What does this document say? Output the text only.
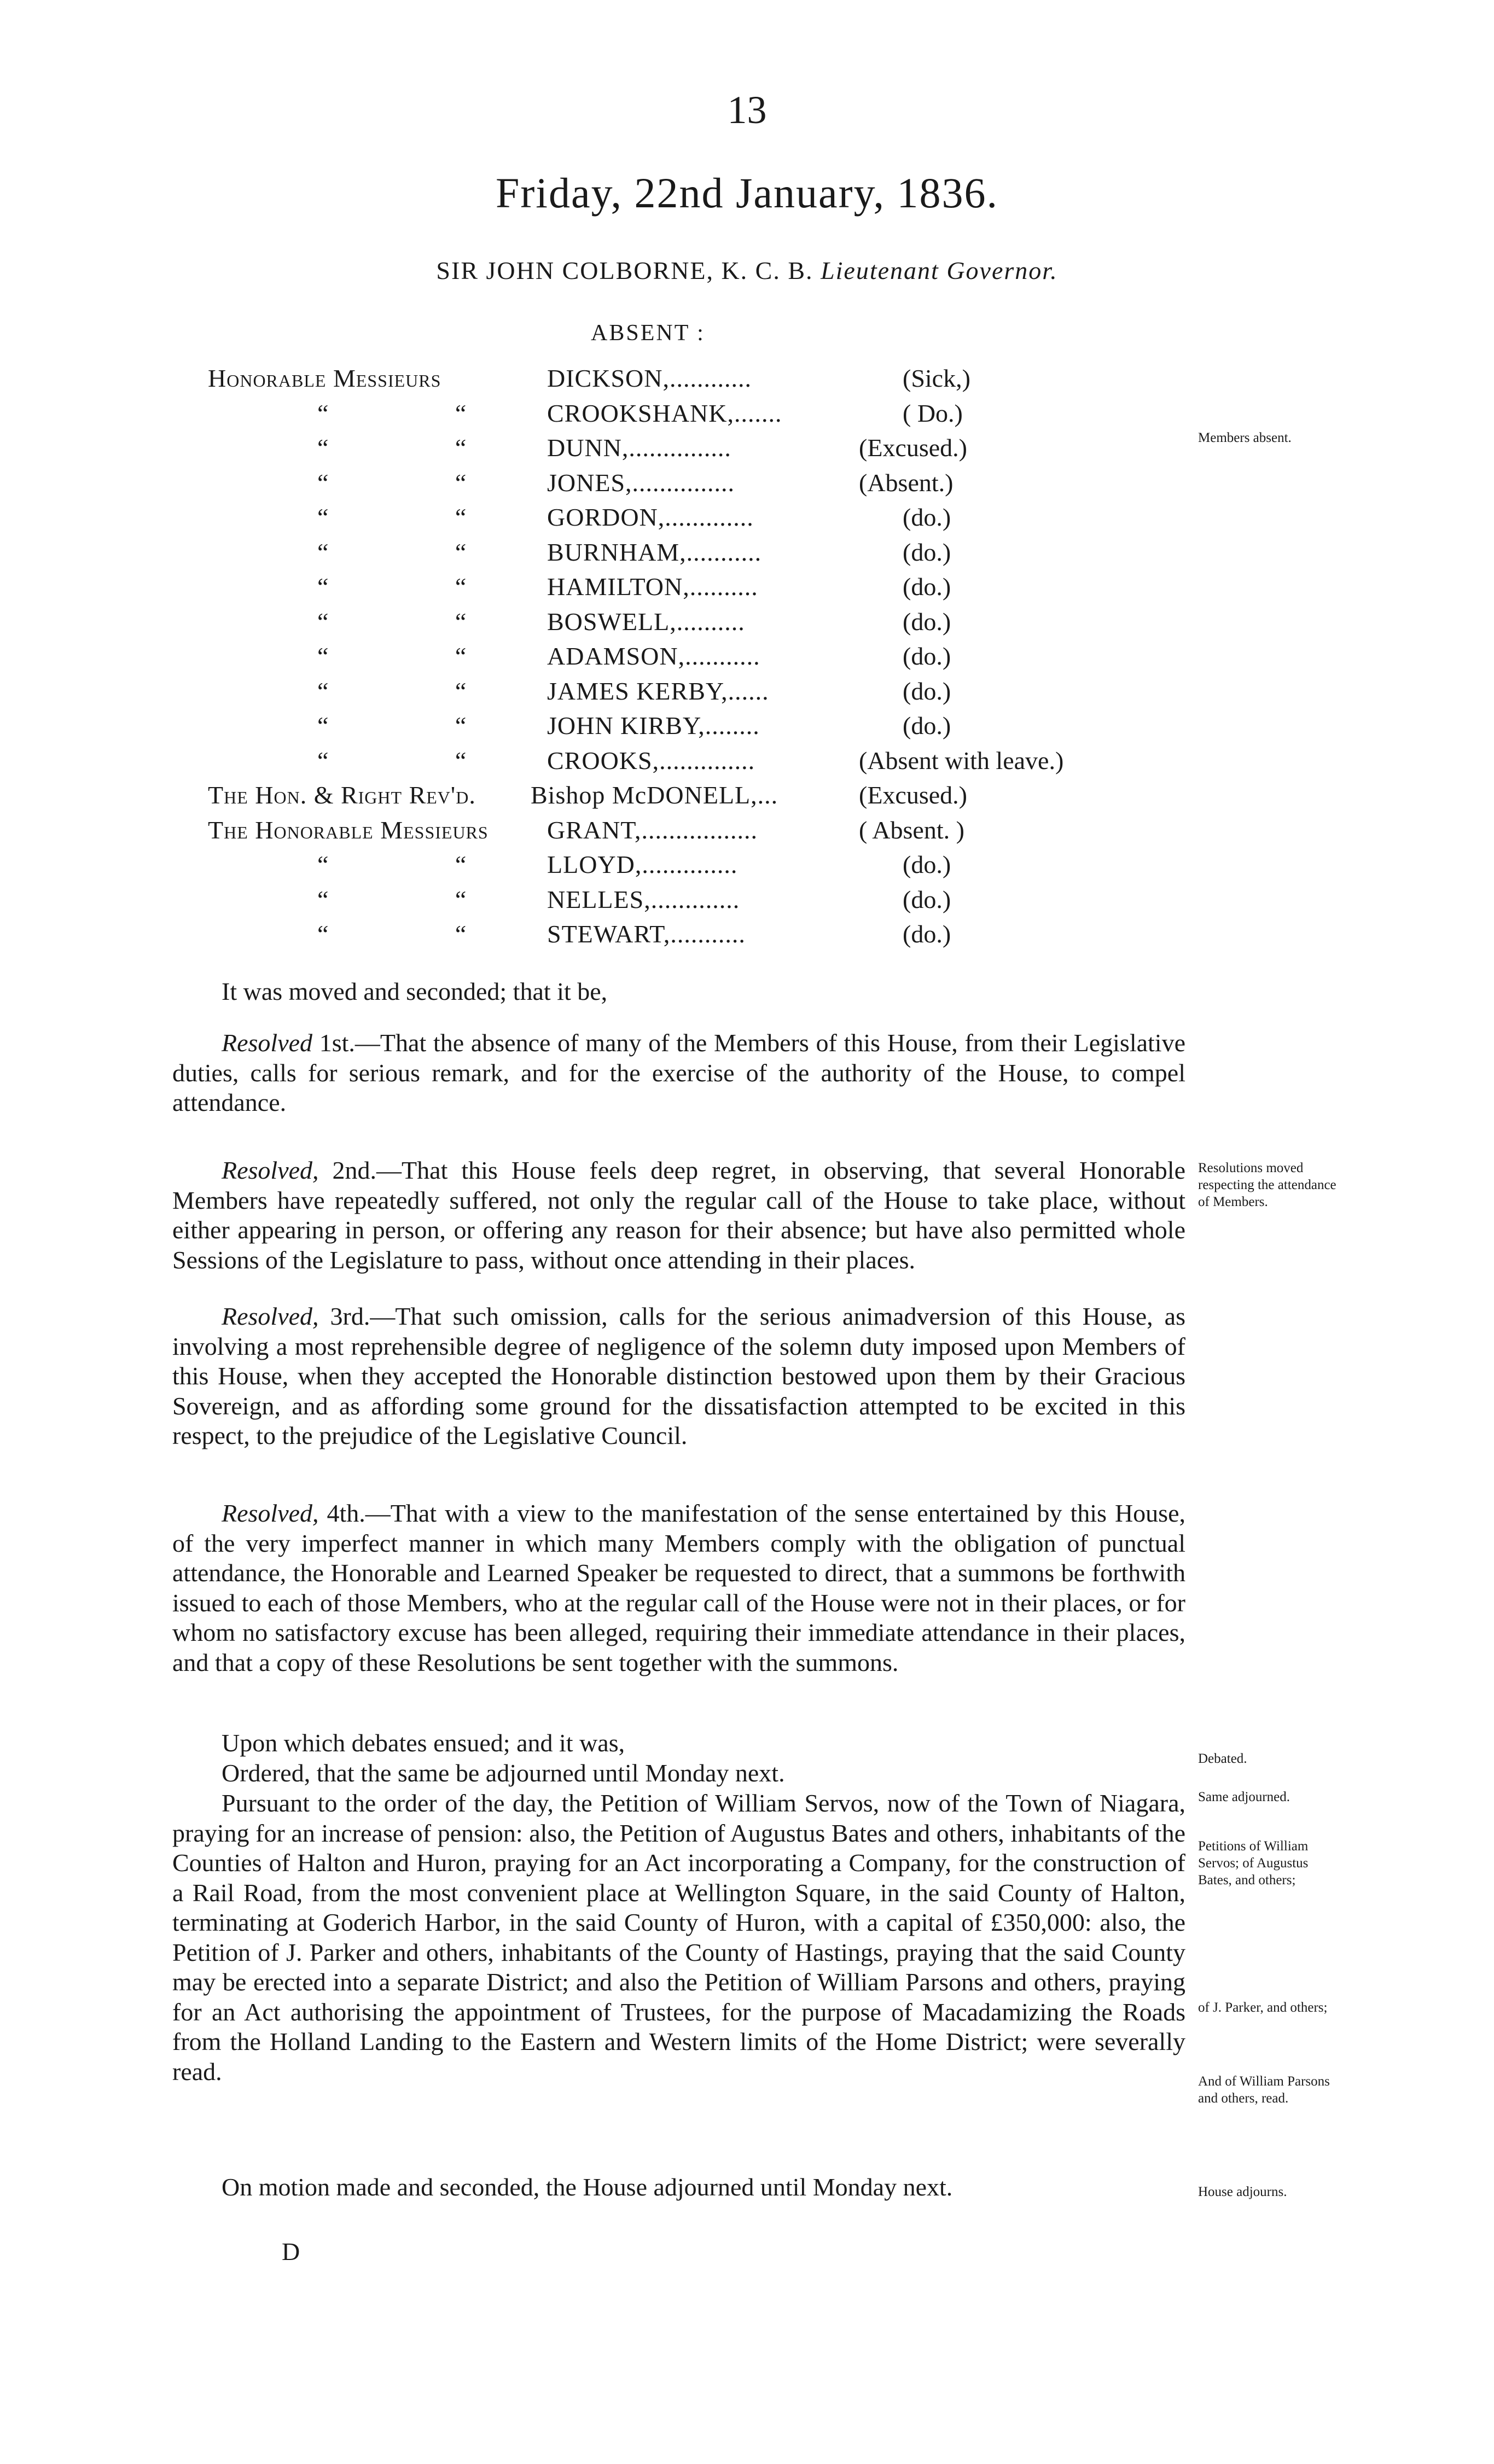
13
Friday, 22nd January, 1836.
SIR JOHN COLBORNE, K. C. B. Lieutenant Governor.
ABSENT :
Honorable Messieurs	DICKSON,............	(Sick,)
“ “	CROOKSHANK,.......	( Do.)
“ “	DUNN,...............	(Excused.)
“ “	JONES,...............	(Absent.)
“ “	GORDON,.............	(do.)
“ “	BURNHAM,...........	(do.)
“ “	HAMILTON,..........	(do.)
“ “	BOSWELL,..........	(do.)
“ “	ADAMSON,...........	(do.)
“ “	JAMES KERBY,......	(do.)
“ “	JOHN KIRBY,........	(do.)
“ “	CROOKS,..............	(Absent with leave.)
The Hon. & Right Rev'd. Bishop McDONELL,...	(Excused.)
The Honorable Messieurs GRANT,.................	( Absent. )
“ “	LLOYD,..............	(do.)
“ “	NELLES,.............	(do.)
“ “	STEWART,...........	(do.)
Members absent.
It was moved and seconded; that it be,
Resolved 1st.—That the absence of many of the Members of this House, from their Legislative duties, calls for serious remark, and for the exercise of the authority of the House, to compel attendance.
Resolved, 2nd.—That this House feels deep regret, in observing, that several Honorable Members have repeatedly suffered, not only the regular call of the House to take place, without either appearing in person, or offering any reason for their absence; but have also permitted whole Sessions of the Legislature to pass, without once attending in their places.
Resolutions moved respecting the attendance of Members.
Resolved, 3rd.—That such omission, calls for the serious animadversion of this House, as involving a most reprehensible degree of negligence of the solemn duty imposed upon Members of this House, when they accepted the Honorable distinction bestowed upon them by their Gracious Sovereign, and as affording some ground for the dissatisfaction attempted to be excited in this respect, to the prejudice of the Legislative Council.
Resolved, 4th.—That with a view to the manifestation of the sense entertained by this House, of the very imperfect manner in which many Members comply with the obligation of punctual attendance, the Honorable and Learned Speaker be requested to direct, that a summons be forthwith issued to each of those Members, who at the regular call of the House were not in their places, or for whom no satisfactory excuse has been alleged, requiring their immediate attendance in their places, and that a copy of these Resolutions be sent together with the summons.
Upon which debates ensued; and it was,
Debated.
Ordered, that the same be adjourned until Monday next.
Same adjourned.
Pursuant to the order of the day, the Petition of William Servos, now of the Town of Niagara, praying for an increase of pension: also, the Petition of Augustus Bates and others, inhabitants of the Counties of Halton and Huron, praying for an Act incorporating a Company, for the construction of a Rail Road, from the most convenient place at Wellington Square, in the said County of Halton, terminating at Goderich Harbor, in the said County of Huron, with a capital of £350,000: also, the Petition of J. Parker and others, inhabitants of the County of Hastings, praying that the said County may be erected into a separate District; and also the Petition of William Parsons and others, praying for an Act authorising the appointment of Trustees, for the purpose of Macadamizing the Roads from the Holland Landing to the Eastern and Western limits of the Home District; were severally read.
Petitions of William Servos; of Augustus Bates, and others;
of J. Parker, and others;
And of William Parsons and others, read.
On motion made and seconded, the House adjourned until Monday next.	House adjourns.
D
